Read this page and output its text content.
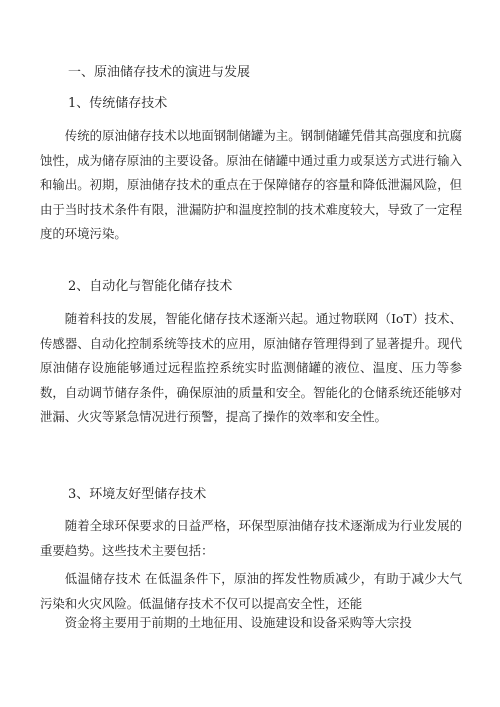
一、原油储存技术的演进与发展
1、传统储存技术

传统的原油储存技术以地面钢制储罐为主。钢制储罐凭借其高强度和抗腐蚀性，成为储存原油的主要设备。原油在储罐中通过重力或泵送方式进行输入和输出。初期，原油储存技术的重点在于保障储存的容量和降低泄漏风险，但由于当时技术条件有限，泄漏防护和温度控制的技术难度较大，导致了一定程度的环境污染。

2、自动化与智能化储存技术

随着科技的发展，智能化储存技术逐渐兴起。通过物联网（IoT）技术、传感器、自动化控制系统等技术的应用，原油储存管理得到了显著提升。现代原油储存设施能够通过远程监控系统实时监测储罐的液位、温度、压力等参数，自动调节储存条件，确保原油的质量和安全。智能化的仓储系统还能够对泄漏、火灾等紧急情况进行预警，提高了操作的效率和安全性。

3、环境友好型储存技术

随着全球环保要求的日益严格，环保型原油储存技术逐渐成为行业发展的重要趋势。这些技术主要包括：

低温储存技术 在低温条件下，原油的挥发性物质减少，有助于减少大气污染和火灾风险。低温储存技术不仅可以提高安全性，还能

资金将主要用于前期的土地征用、设施建设和设备采购等大宗投
